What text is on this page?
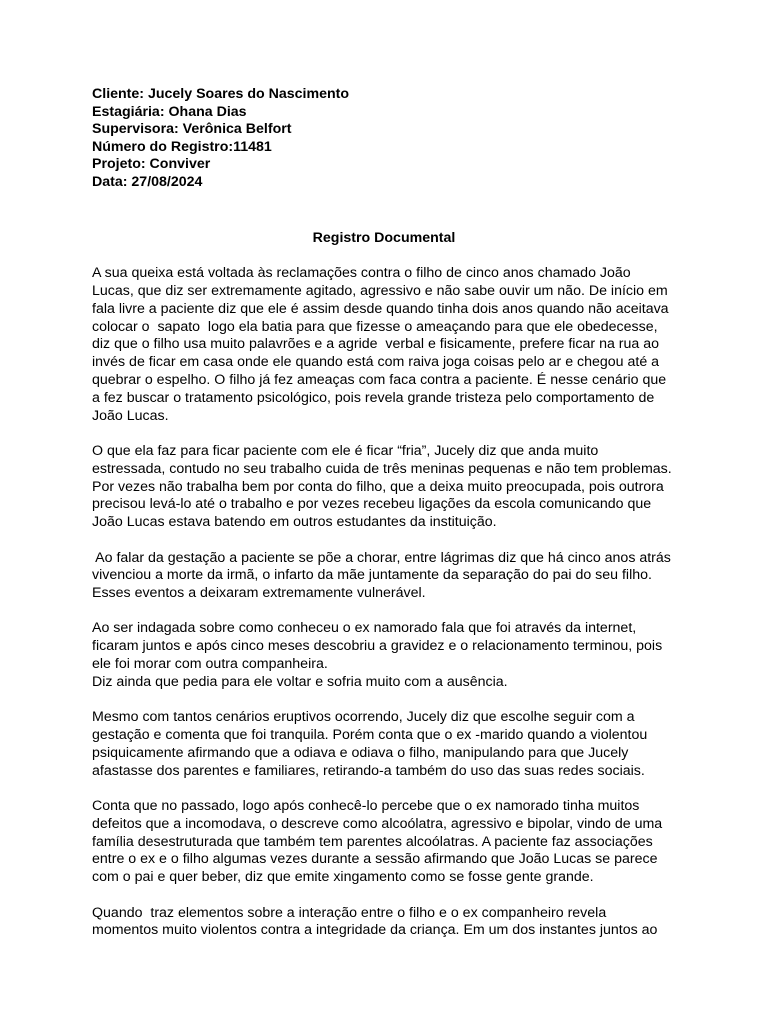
Cliente: Jucely Soares do Nascimento

Estagiária: Ohana Dias

Supervisora: Verônica Belfort

Número do Registro:11481

Projeto: Conviver

Data: 27/08/2024

Registro Documental
A sua queixa está voltada às reclamações contra o filho de cinco anos chamado João
Lucas, que diz ser extremamente agitado, agressivo e não sabe ouvir um não. De início em
fala livre a paciente diz que ele é assim desde quando tinha dois anos quando não aceitava
colocar o  sapato  logo ela batia para que fizesse o ameaçando para que ele obedecesse,
diz que o filho usa muito palavrões e a agride  verbal e fisicamente, prefere ficar na rua ao
invés de ficar em casa onde ele quando está com raiva joga coisas pelo ar e chegou até a
quebrar o espelho. O filho já fez ameaças com faca contra a paciente. É nesse cenário que
a fez buscar o tratamento psicológico, pois revela grande tristeza pelo comportamento de
João Lucas.
O que ela faz para ficar paciente com ele é ficar “fria”, Jucely diz que anda muito
estressada, contudo no seu trabalho cuida de três meninas pequenas e não tem problemas.
Por vezes não trabalha bem por conta do filho, que a deixa muito preocupada, pois outrora
precisou levá-lo até o trabalho e por vezes recebeu ligações da escola comunicando que
João Lucas estava batendo em outros estudantes da instituição.
Ao falar da gestação a paciente se põe a chorar, entre lágrimas diz que há cinco anos atrás
vivenciou a morte da irmã, o infarto da mãe juntamente da separação do pai do seu filho.
Esses eventos a deixaram extremamente vulnerável.
Ao ser indagada sobre como conheceu o ex namorado fala que foi através da internet,
ficaram juntos e após cinco meses descobriu a gravidez e o relacionamento terminou, pois
ele foi morar com outra companheira.
Diz ainda que pedia para ele voltar e sofria muito com a ausência.
Mesmo com tantos cenários eruptivos ocorrendo, Jucely diz que escolhe seguir com a
gestação e comenta que foi tranquila. Porém conta que o ex -marido quando a violentou
psiquicamente afirmando que a odiava e odiava o filho, manipulando para que Jucely
afastasse dos parentes e familiares, retirando-a também do uso das suas redes sociais.
Conta que no passado, logo após conhecê-lo percebe que o ex namorado tinha muitos
defeitos que a incomodava, o descreve como alcoólatra, agressivo e bipolar, vindo de uma
família desestruturada que também tem parentes alcoólatras. A paciente faz associações
entre o ex e o filho algumas vezes durante a sessão afirmando que João Lucas se parece
com o pai e quer beber, diz que emite xingamento como se fosse gente grande.
Quando  traz elementos sobre a interação entre o filho e o ex companheiro revela
momentos muito violentos contra a integridade da criança. Em um dos instantes juntos ao
